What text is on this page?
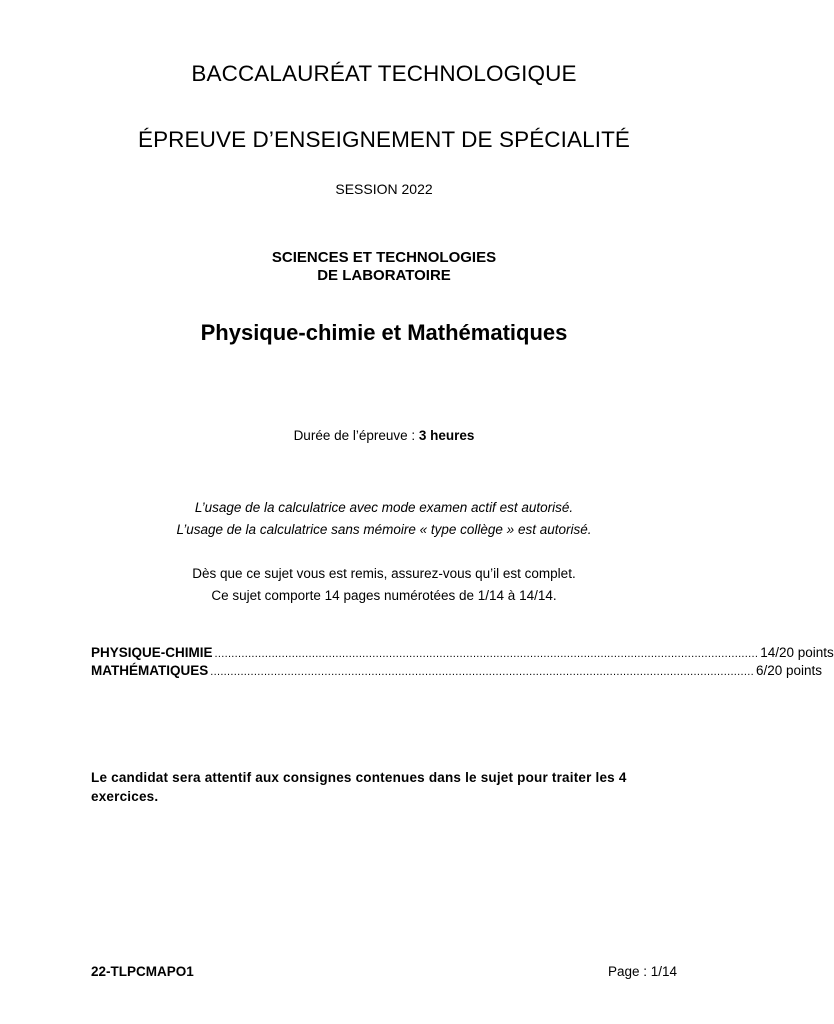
BACCALAURÉAT TECHNOLOGIQUE
ÉPREUVE D’ENSEIGNEMENT DE SPÉCIALITÉ
SESSION 2022
SCIENCES ET TECHNOLOGIES
DE LABORATOIRE
Physique-chimie et Mathématiques
Durée de l’épreuve : 3 heures
L’usage de la calculatrice avec mode examen actif est autorisé.
L’usage de la calculatrice sans mémoire « type collège » est autorisé.
Dès que ce sujet vous est remis, assurez-vous qu’il est complet.
Ce sujet comporte 14 pages numérotées de 1/14 à 14/14.
PHYSIQUE-CHIMIE .................................................................................................................................................................. 14/20 points
MATHÉMATIQUES .................................................................................................................................................................. 6/20 points
Le candidat sera attentif aux consignes contenues dans le sujet pour traiter les 4 exercices.
22-TLPCMAPO1	Page : 1/14
